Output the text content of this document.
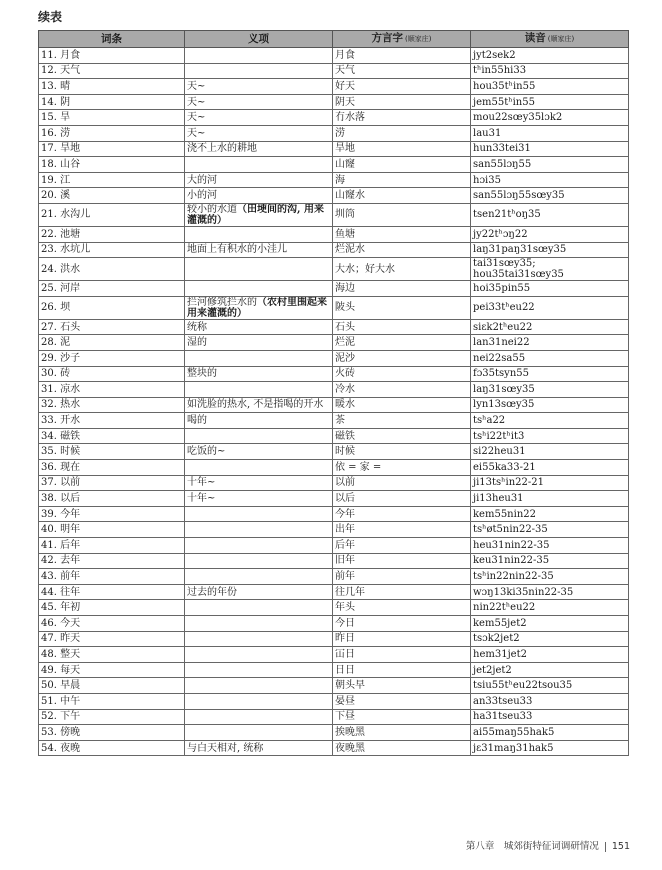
续表
词条	义项	方言字 (顺家庄)	读音 (顺家庄)
11. 月食		月食	jyt2sek2
12. 天气		天气	tʰin55hi33
13. 晴	天~	好天	hou35tʰin55
14. 阴	天~	阴天	jem55tʰin55
15. 旱	天~	冇水落	mou22sœy35lɔk2
16. 涝	天~	涝	lau31
17. 旱地	浇不上水的耕地	旱地	hun33tei31
18. 山谷		山窿	san55lɔŋ55
19. 江	大的河	海	hɔi35
20. 溪	小的河	山窿水	san55lɔŋ55sœy35
21. 水沟儿	较小的水道（田埂间的沟, 用来灌溉的）	圳筒	tsen21tʰoŋ35
22. 池塘		鱼塘	jy22tʰɔŋ22
23. 水坑儿	地面上有积水的小洼儿	烂泥水	laŋ31paŋ31sœy35
24. 洪水		大水；好大水	tai31sœy35; hou35tai31sœy35
25. 河岸		海边	hoi35pin55
26. 坝	拦河修筑拦水的（农村里围起来用来灌溉的）	陂头	pei33tʰeu22
27. 石头	统称	石头	siɛk2tʰeu22
28. 泥	湿的	烂泥	lan31nei22
29. 沙子		泥沙	nei22sa55
30. 砖	整块的	火砖	fɔ35tsyn55
31. 凉水		冷水	laŋ31sœy35
32. 热水	如洗脸的热水, 不是指喝的开水	暖水	lyn13sœy35
33. 开水	喝的	茶	tsʰa22
34. 磁铁		磁铁	tsʰi22tʰit3
35. 时候	吃饭的~	时候	si22heu31
36. 现在		依 = 家 =	ei55ka33-21
37. 以前	十年~	以前	ji13tsʰin22-21
38. 以后	十年~	以后	ji13heu31
39. 今年		今年	kem55nin22
40. 明年		出年	tsʰøt5nin22-35
41. 后年		后年	heu31nin22-35
42. 去年		旧年	keu31nin22-35
43. 前年		前年	tsʰin22nin22-35
44. 往年	过去的年份	往几年	wɔŋ13ki35nin22-35
45. 年初		年头	nin22tʰeu22
46. 今天		今日	kem55jet2
47. 昨天		昨日	tsɔk2jet2
48. 整天		冚日	hem31jet2
49. 每天		日日	jet2jet2
50. 早晨		朝头早	tsiu55tʰeu22tsou35
51. 中午		晏昼	an33tseu33
52. 下午		下昼	ha31tseu33
53. 傍晚		挨晚黑	ai55maŋ55hak5
54. 夜晚	与白天相对, 统称	夜晚黑	jɛ31maŋ31hak5
第八章　城郊街特征词调研情况 151
